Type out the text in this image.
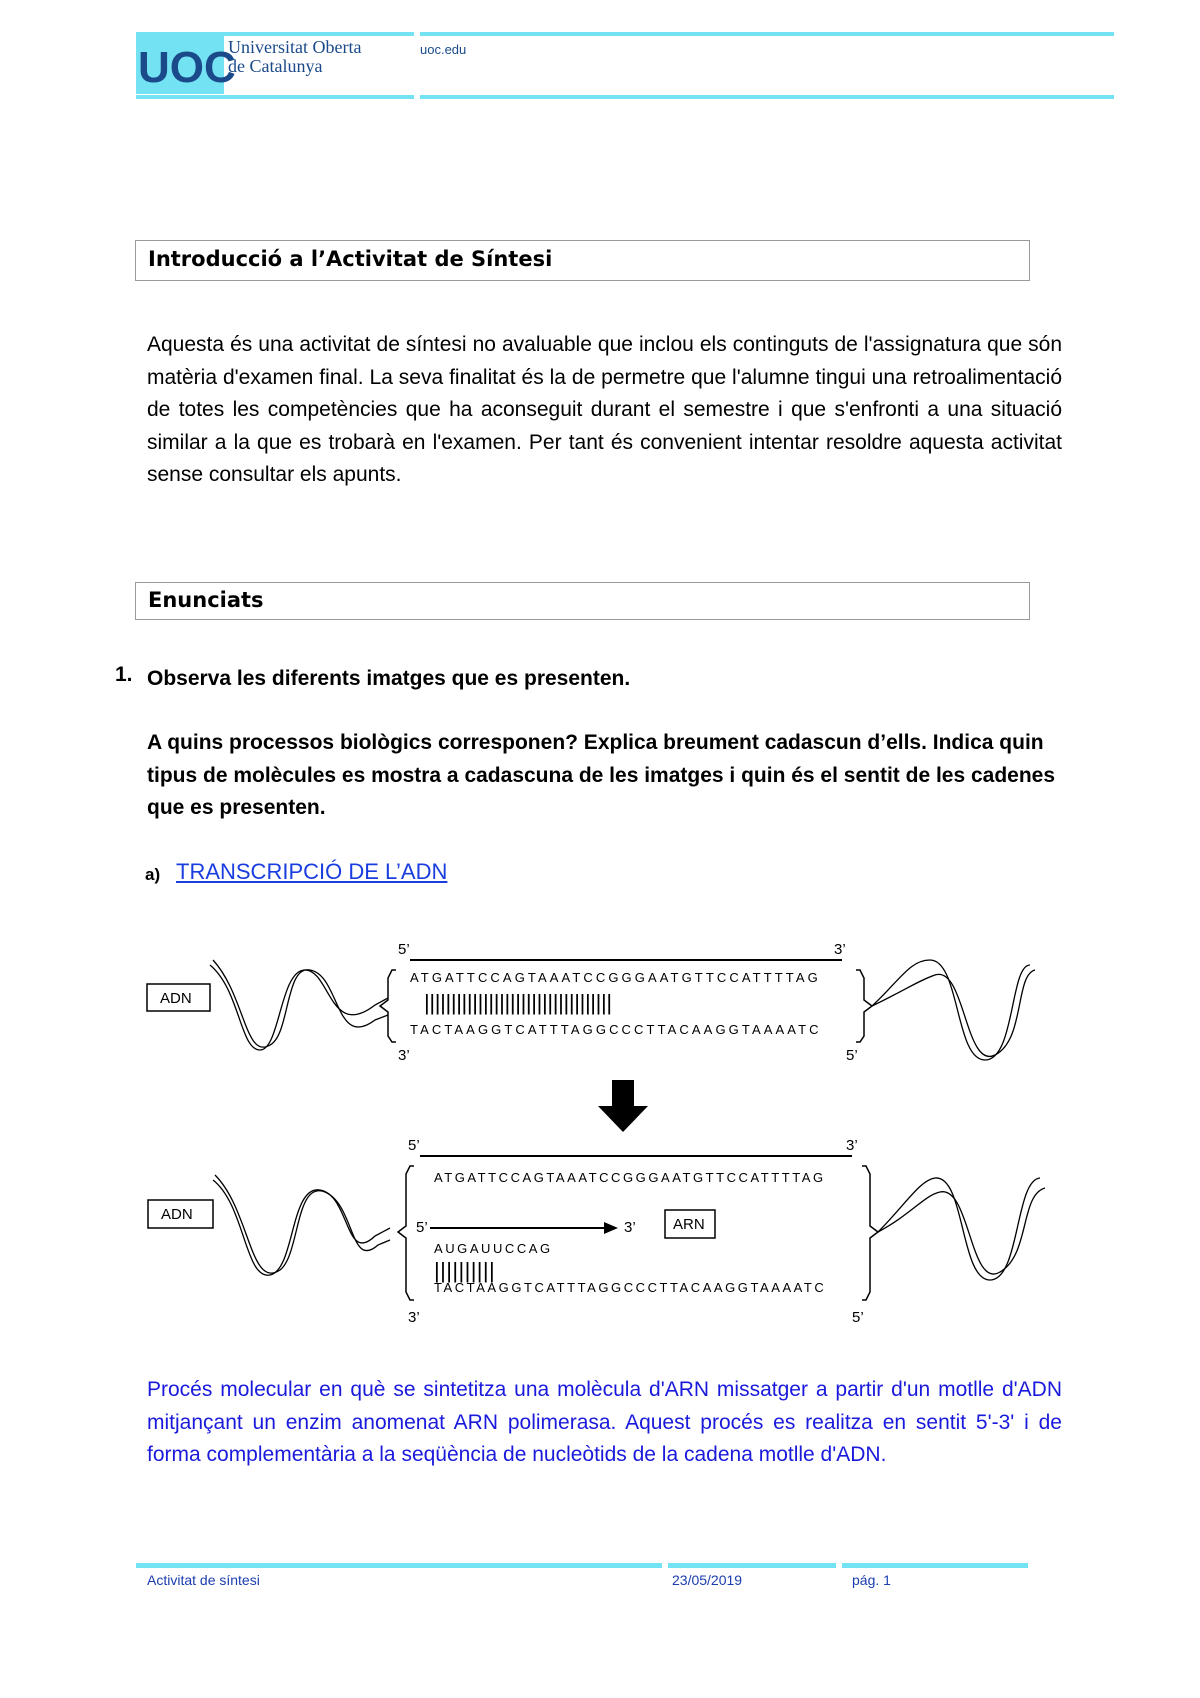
UOC
Universitat Oberta
de Catalunya
uoc.edu
Introducció a l’Activitat de Síntesi
Aquesta és una activitat de síntesi no avaluable que inclou els continguts de l'assignatura que són matèria d'examen final. La seva finalitat és la de permetre que l'alumne tingui una retroalimentació de totes les competències que ha aconseguit durant el semestre i que s'enfronti a una situació similar a la que es trobarà en l'examen. Per tant és convenient intentar resoldre aquesta activitat sense consultar els apunts.
Enunciats
1. Observa les diferents imatges que es presenten.
A quins processos biològics corresponen? Explica breument cadascun d’ells. Indica quin tipus de molècules es mostra a cadascuna de les imatges i quin és el sentit de les cadenes que es presenten.
a) TRANSCRIPCIÓ DE L’ADN
ADN
5’	3’
ATGATTCCAGTAAATCCGGGAATGTTCCATTTTAG
|||||||||||||||||||||||||||||||||||
TACTAAGGTCATTTAGGCCCTTACAAGGTAAAATC
3’	5’
ADN
5’	3’
ATGATTCCAGTAAATCCGGGAATGTTCCATTTTAG
5’	3’ ARN
AUGAUUCCAG
||||||||||
TACTAAGGTCATTTAGGCCCTTACAAGGTAAAATC
3’	5’
Procés molecular en què se sintetitza una molècula d'ARN missatger a partir d'un motlle d'ADN mitjançant un enzim anomenat ARN polimerasa. Aquest procés es realitza en sentit 5'-3' i de forma complementària a la seqüència de nucleòtids de la cadena motlle d'ADN.
Activitat de síntesi	23/05/2019	pág. 1
